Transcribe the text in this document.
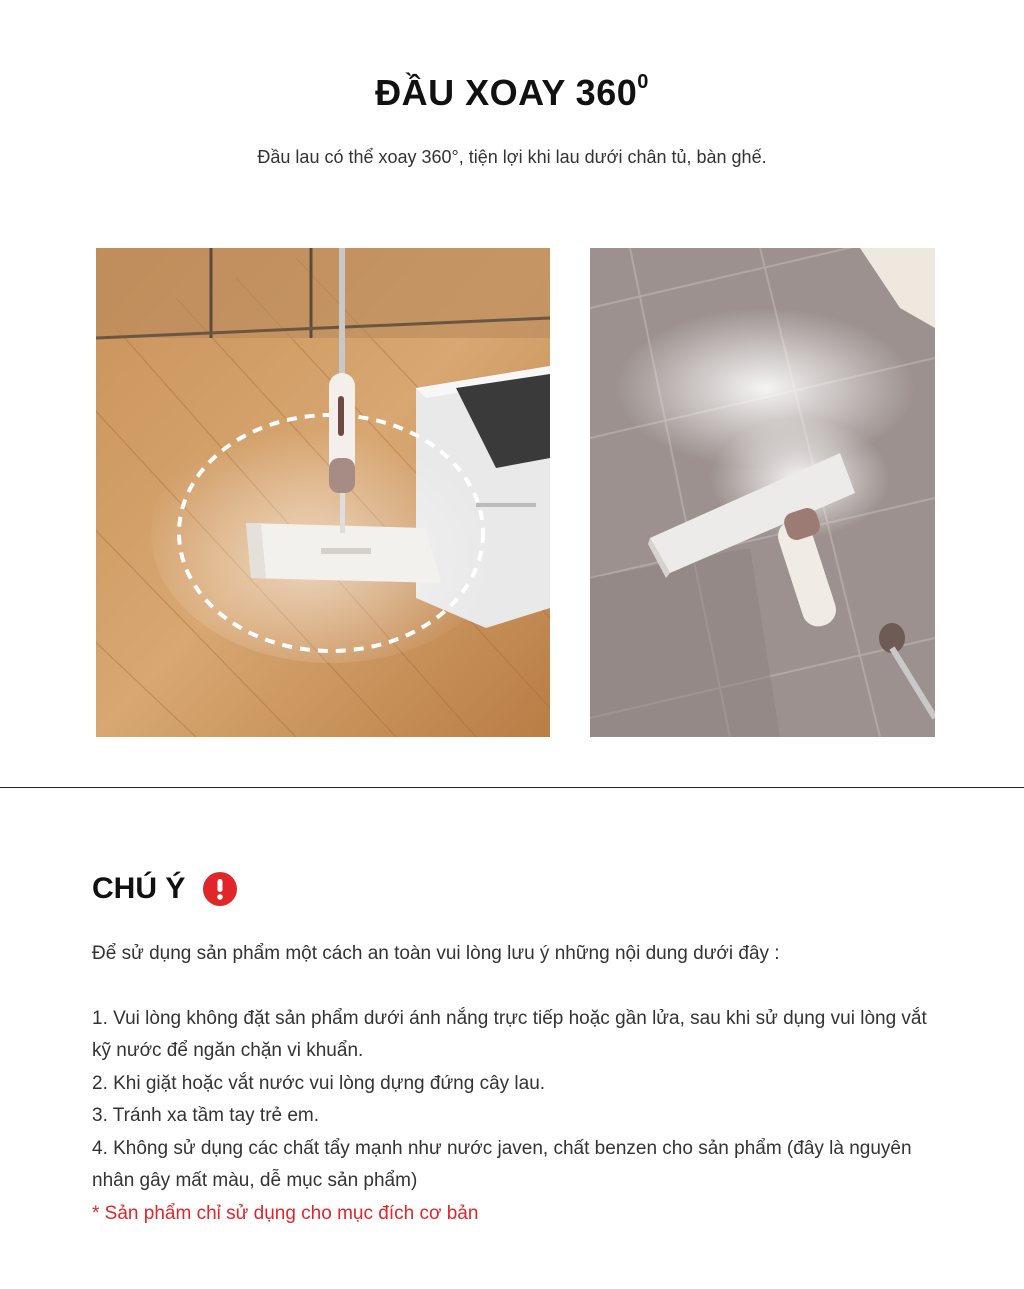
ĐẦU XOAY $360^0$
Đầu lau có thể xoay 360°, tiện lợi khi lau dưới chân tủ, bàn ghế.
CHÚ Ý

Để sử dụng sản phẩm một cách an toàn vui lòng lưu ý những nội dung dưới đây :

1. Vui lòng không đặt sản phẩm dưới ánh nắng trực tiếp hoặc gần lửa, sau khi sử dụng vui lòng vắt kỹ nước để ngăn chặn vi khuẩn.

2. Khi giặt hoặc vắt nước vui lòng dựng đứng cây lau.

3. Tránh xa tầm tay trẻ em.

4. Không sử dụng các chất tẩy mạnh như nước javen, chất benzen cho sản phẩm (đây là nguyên nhân gây mất màu, dễ mục sản phẩm)

* Sản phẩm chỉ sử dụng cho mục đích cơ bản
